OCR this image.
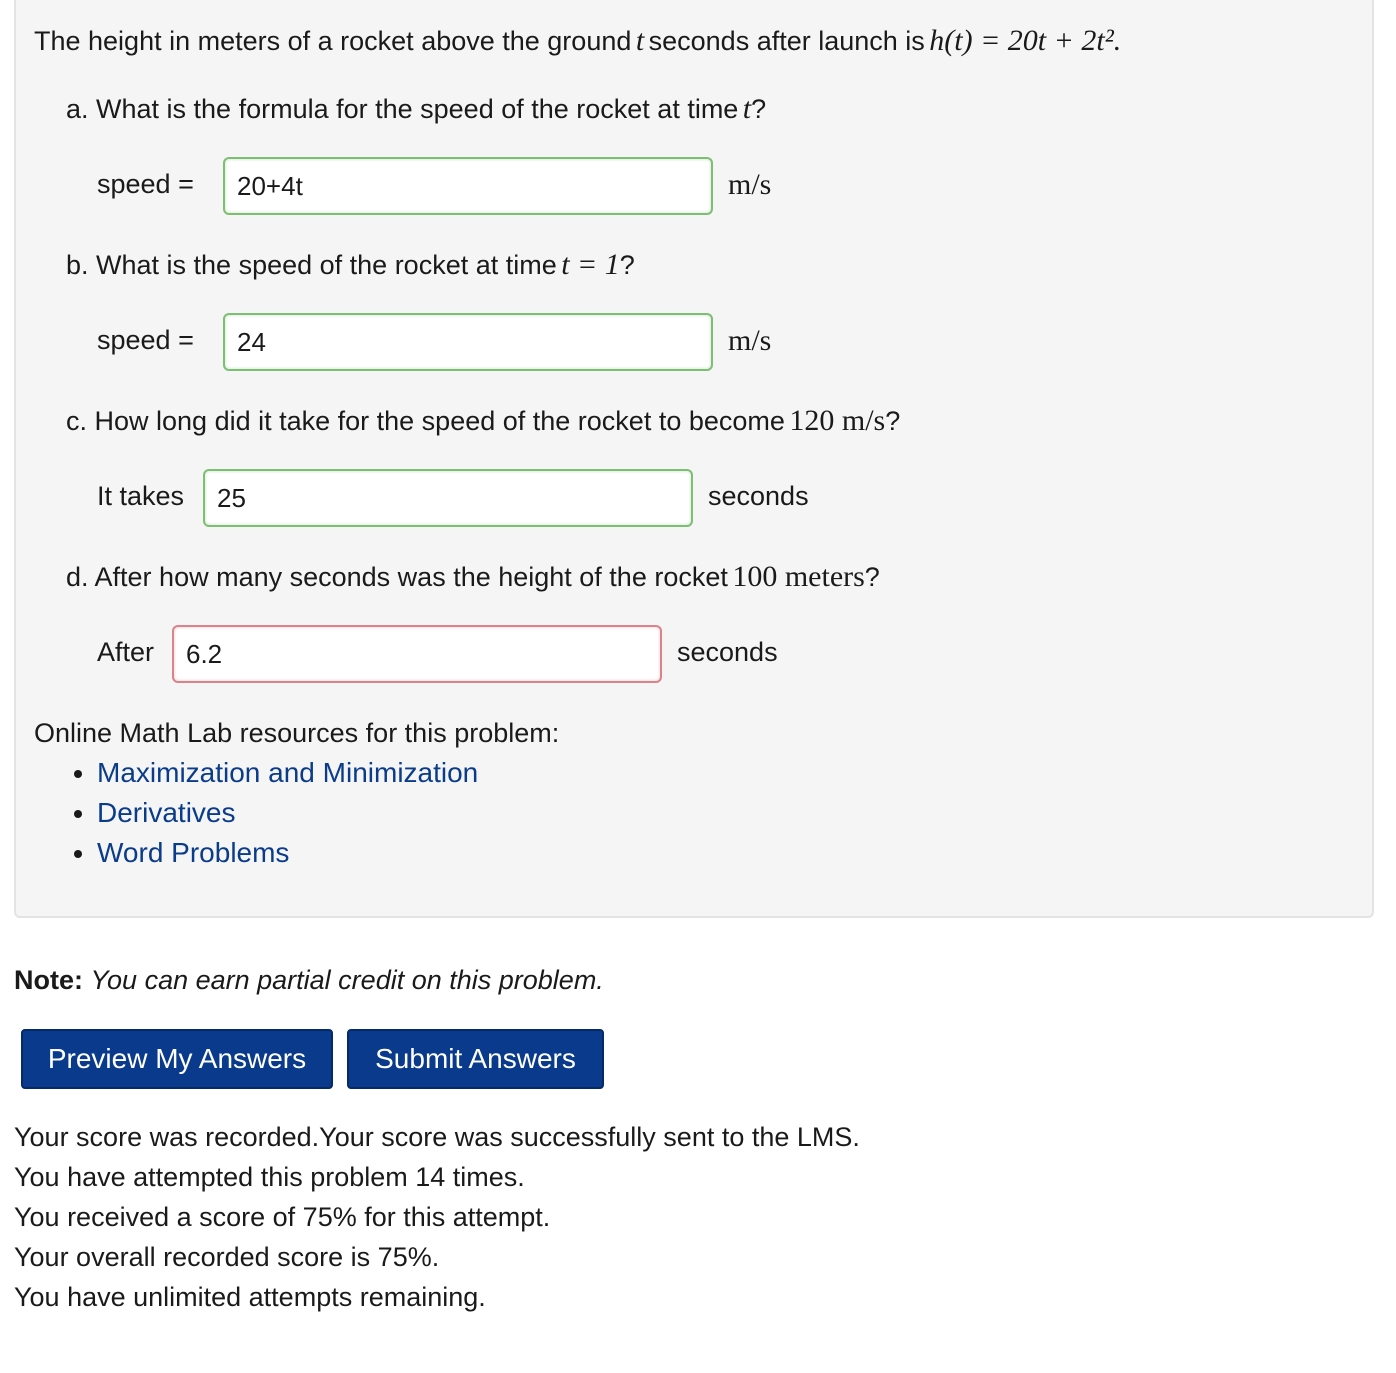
The height in meters of a rocket above the ground t seconds after launch is h(t) = 20t + 2t².
a. What is the formula for the speed of the rocket at time t?
speed =
20+4t	m/s
b. What is the speed of the rocket at time t = 1?
speed =
24	m/s
c. How long did it take for the speed of the rocket to become 120 m/s?
It takes
25	seconds
d. After how many seconds was the height of the rocket 100 meters?
After
6.2	seconds
Online Math Lab resources for this problem:
• Maximization and Minimization
• Derivatives
• Word Problems
Note: You can earn partial credit on this problem.
Preview My Answers	Submit Answers
Your score was recorded.Your score was successfully sent to the LMS.
You have attempted this problem 14 times.
You received a score of 75% for this attempt.
Your overall recorded score is 75%.
You have unlimited attempts remaining.
